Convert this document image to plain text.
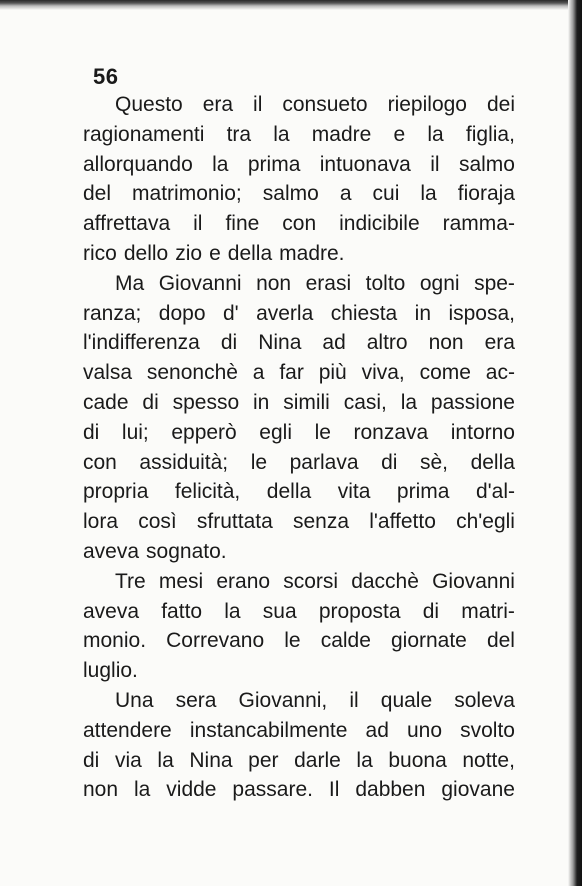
56
Questo era il consueto riepilogo dei
ragionamenti tra la madre e la figlia,
allorquando la prima intuonava il salmo
del matrimonio; salmo a cui la fioraja
affrettava il fine con indicibile ramma-
rico dello zio e della madre.
Ma Giovanni non erasi tolto ogni spe-
ranza; dopo d' averla chiesta in isposa,
l'indifferenza di Nina ad altro non era
valsa senonchè a far più viva, come ac-
cade di spesso in simili casi, la passione
di lui; epperò egli le ronzava intorno
con assiduità; le parlava di sè, della
propria felicità, della vita prima d'al-
lora così sfruttata senza l'affetto ch'egli
aveva sognato.
Tre mesi erano scorsi dacchè Giovanni
aveva fatto la sua proposta di matri-
monio. Correvano le calde giornate del
luglio.
Una sera Giovanni, il quale soleva
attendere instancabilmente ad uno svolto
di via la Nina per darle la buona notte,
non la vidde passare. Il dabben giovane
